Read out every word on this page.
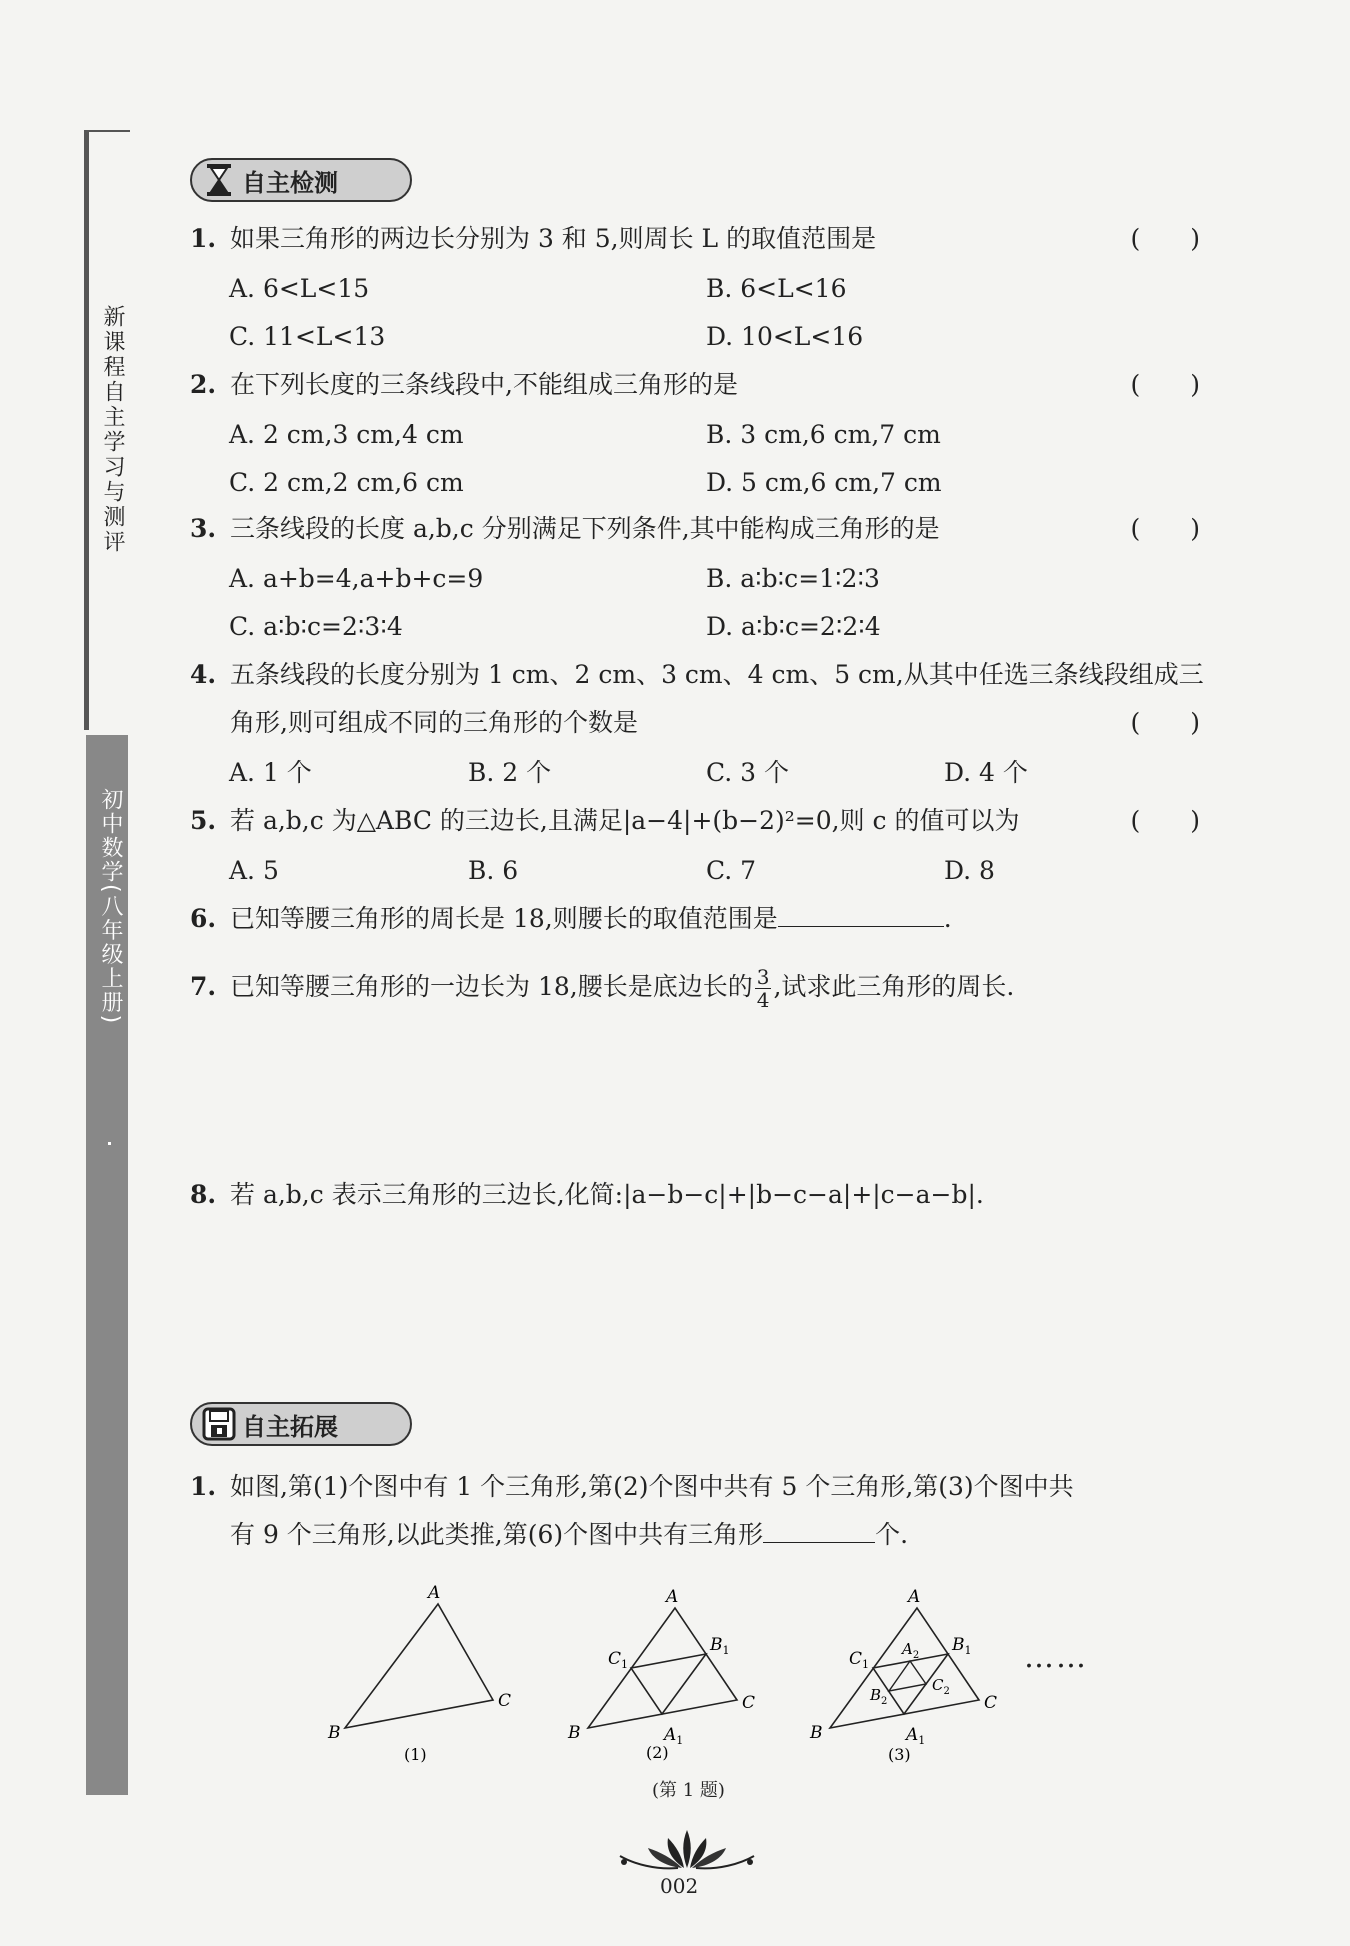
新课程自主学习与测评
初中数学(八年级上册)
自主检测
1. 如果三角形的两边长分别为 3 和 5,则周长 L 的取值范围是	(　　)
A. 6<L<15	B. 6<L<16
C. 11<L<13	D. 10<L<16
2. 在下列长度的三条线段中,不能组成三角形的是	(　　)
A. 2 cm,3 cm,4 cm	B. 3 cm,6 cm,7 cm
C. 2 cm,2 cm,6 cm	D. 5 cm,6 cm,7 cm
3. 三条线段的长度 a,b,c 分别满足下列条件,其中能构成三角形的是	(　　)
A. a+b=4,a+b+c=9	B. a∶b∶c=1∶2∶3
C. a∶b∶c=2∶3∶4	D. a∶b∶c=2∶2∶4
4. 五条线段的长度分别为 1 cm、2 cm、3 cm、4 cm、5 cm,从其中任选三条线段组成三
角形,则可组成不同的三角形的个数是	(　　)
A. 1 个	B. 2 个	C. 3 个	D. 4 个
5. 若 a,b,c 为△ABC 的三边长,且满足|a−4|+(b−2)²=0,则 c 的值可以为	(　　)
A. 5	B. 6	C. 7	D. 8
6. 已知等腰三角形的周长是 18,则腰长的取值范围是	.
7. 已知等腰三角形的一边长为 18,腰长是底边长的 $\frac{3}{4}$ ,试求此三角形的周长.
8. 若 a,b,c 表示三角形的三边长,化简:|a−b−c|+|b−c−a|+|c−a−b|.
自主拓展
1. 如图,第(1)个图中有 1 个三角形,第(2)个图中共有 5 个三角形,第(3)个图中共
有 9 个三角形,以此类推,第(6)个图中共有三角形	个.
A
B
C
A
B
C
$C_1$
$B_1$
$A_1$
A
B
C
$C_1$
$B_1$
$A_1$
$A_2$
$B_2$
$C_2$
(1)	(2)	(3)
……
(第 1 题)
002
